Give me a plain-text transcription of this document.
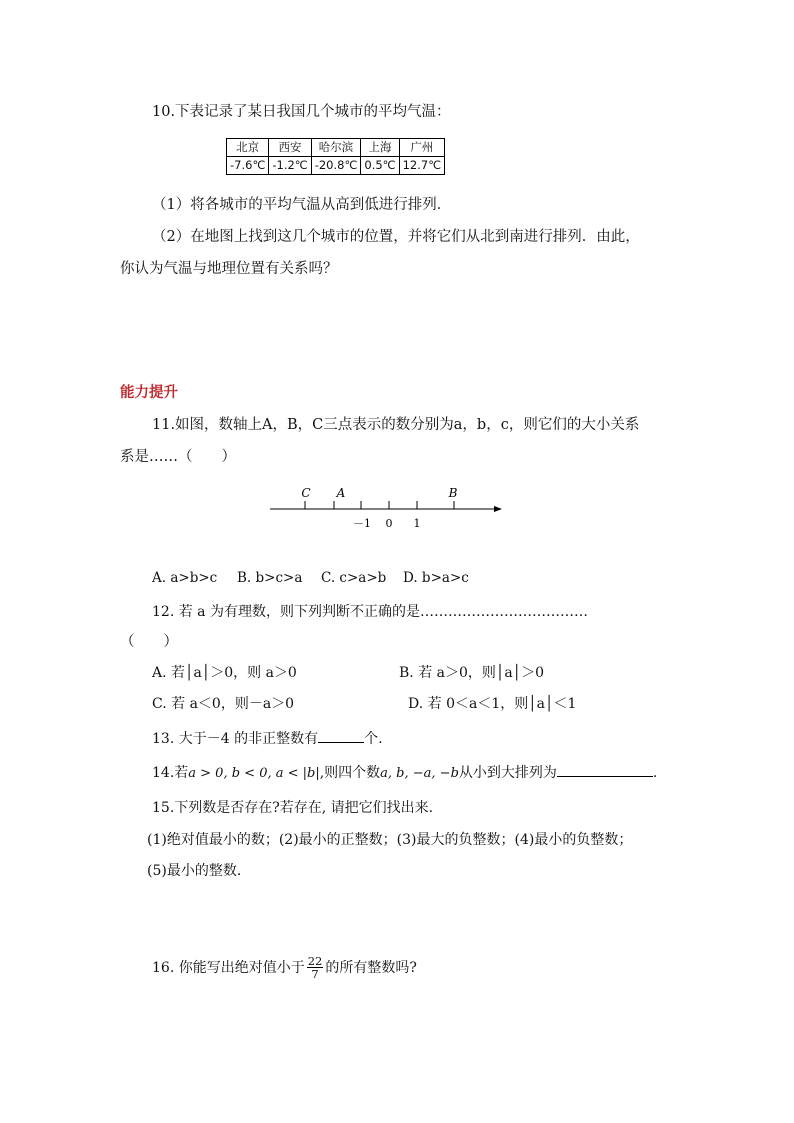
10.下表记录了某日我国几个城市的平均气温：
北京	西安	哈尔滨	上海	广州
-7.6℃	-1.2℃	-20.8℃	0.5℃	12.7℃
（1）将各城市的平均气温从高到低进行排列．
（2）在地图上找到这几个城市的位置，并将它们从北到南进行排列．由此，
你认为气温与地理位置有关系吗？
能力提升
11.如图，数轴上A，B，C三点表示的数分别为a，b，c，则它们的大小关系
系是……（　　）
C A	B
－1 0 1
A. a>b>c B. b>c>a C. c>a>b D. b>a>c
12. 若 a 为有理数，则下列判断不正确的是………………………………
（　　）
A. 若│a│＞0，则 a＞0	B. 若 a＞0，则│a│＞0
C. 若 a＜0，则－a＞0	D. 若 0＜a＜1，则│a│＜1
13. 大于－4 的非正整数有	个.
14.若a > 0, b < 0, a < |b|,则四个数a, b, −a, −b从小到大排列为	.
15.下列数是否存在?若存在, 请把它们找出来.
(1)绝对值最小的数；(2)最小的正整数；(3)最大的负整数；(4)最小的负整数；
(5)最小的整数.
16. 你能写出绝对值小于 $\frac{22}{7}$ 的所有整数吗?
